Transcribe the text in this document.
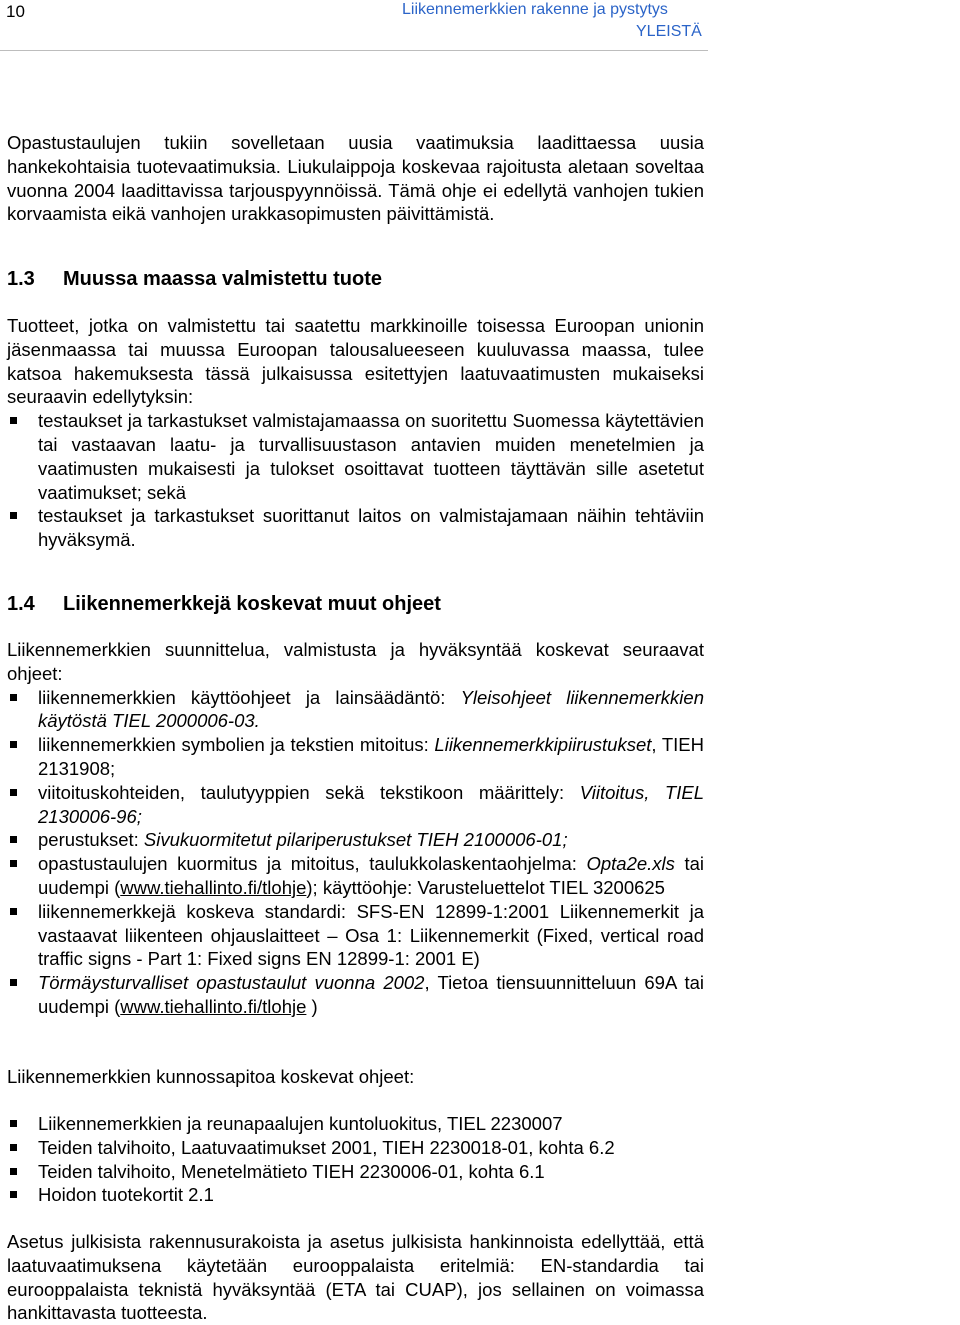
10	Liikennemerkkien rakenne ja pystytys
YLEISTÄ

Opastustaulujen tukiin sovelletaan uusia vaatimuksia laadittaessa uusia hankekohtaisia tuotevaatimuksia. Liukulaippoja koskevaa rajoitusta aletaan soveltaa vuonna 2004 laadittavissa tarjouspyynnöissä. Tämä ohje ei edellytä vanhojen tukien korvaamista eikä vanhojen urakkasopimusten päivittämistä.

1.3 Muussa maassa valmistettu tuote

Tuotteet, jotka on valmistettu tai saatettu markkinoille toisessa Euroopan unionin jäsenmaassa tai muussa Euroopan talousalueeseen kuuluvassa maassa, tulee katsoa hakemuksesta tässä julkaisussa esitettyjen laatuvaatimusten mukaiseksi seuraavin edellytyksin:

testaukset ja tarkastukset valmistajamaassa on suoritettu Suomessa käytettävien tai vastaavan laatu- ja turvallisuustason antavien muiden menetelmien ja vaatimusten mukaisesti ja tulokset osoittavat tuotteen täyttävän sille asetetut vaatimukset; sekä
testaukset ja tarkastukset suorittanut laitos on valmistajamaan näihin tehtäviin hyväksymä.
1.4 Liikennemerkkejä koskevat muut ohjeet

Liikennemerkkien suunnittelua, valmistusta ja hyväksyntää koskevat seuraavat ohjeet:

liikennemerkkien käyttöohjeet ja lainsäädäntö: Yleisohjeet liikennemerkkien käytöstä TIEL 2000006-03.
liikennemerkkien symbolien ja tekstien mitoitus: Liikennemerkkipiirustukset, TIEH 2131908;
viitoituskohteiden, taulutyyppien sekä tekstikoon määrittely: Viitoitus, TIEL 2130006-96;
perustukset: Sivukuormitetut pilariperustukset TIEH 2100006-01;
opastustaulujen kuormitus ja mitoitus, taulukkolaskentaohjelma: Opta2e.xls tai uudempi (www.tiehallinto.fi/tlohje); käyttöohje: Varusteluettelot TIEL 3200625
liikennemerkkejä koskeva standardi: SFS-EN 12899-1:2001 Liikennemerkit ja vastaavat liikenteen ohjauslaitteet – Osa 1: Liikennemerkit (Fixed, vertical road traffic signs - Part 1: Fixed signs EN 12899-1: 2001 E)
Törmäysturvalliset opastustaulut vuonna 2002, Tietoa tiensuunnitteluun 69A tai uudempi (www.tiehallinto.fi/tlohje )

Liikennemerkkien kunnossapitoa koskevat ohjeet:

Liikennemerkkien ja reunapaalujen kuntoluokitus, TIEL 2230007
Teiden talvihoito, Laatuvaatimukset 2001, TIEH 2230018-01, kohta 6.2
Teiden talvihoito, Menetelmätieto TIEH 2230006-01, kohta 6.1
Hoidon tuotekortit 2.1

Asetus julkisista rakennusurakoista ja asetus julkisista hankinnoista edellyttää, että laatuvaatimuksena käytetään eurooppalaista eritelmiä: EN-standardia tai eurooppalaista teknistä hyväksyntää (ETA tai CUAP), jos sellainen on voimassa hankittavasta tuotteesta.
